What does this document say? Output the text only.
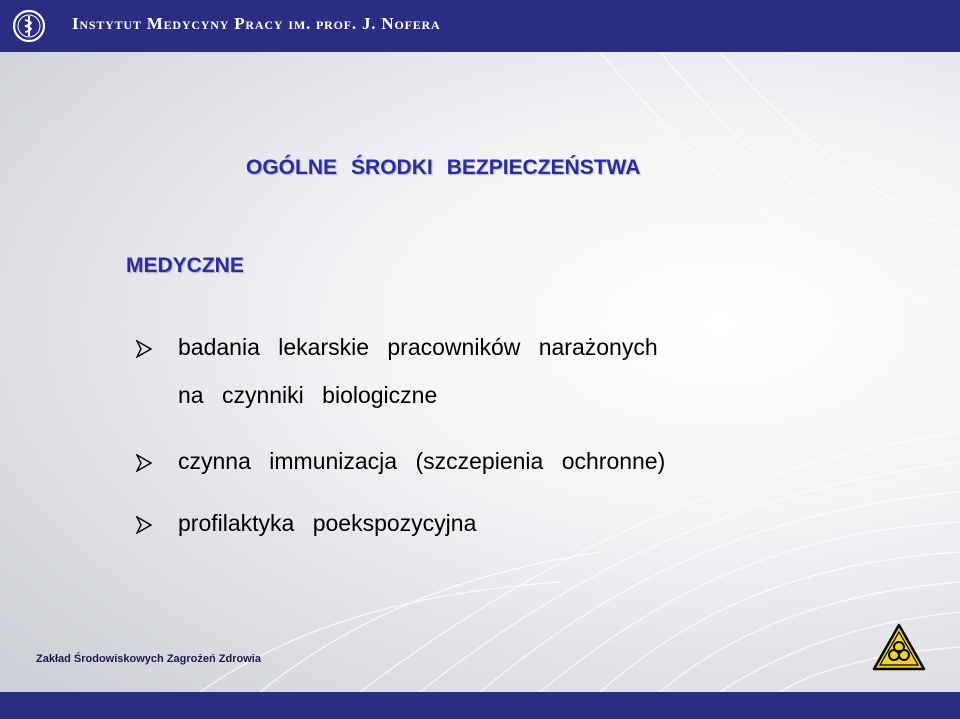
Instytut Medycyny Pracy im. prof. J. Nofera
OGÓLNE ŚRODKI BEZPIECZEŃSTWA
MEDYCZNE
badania lekarskie pracowników narażonych
na czynniki biologiczne
czynna immunizacja (szczepienia ochronne)
profilaktyka poekspozycyjna
Zakład Środowiskowych Zagrożeń Zdrowia
